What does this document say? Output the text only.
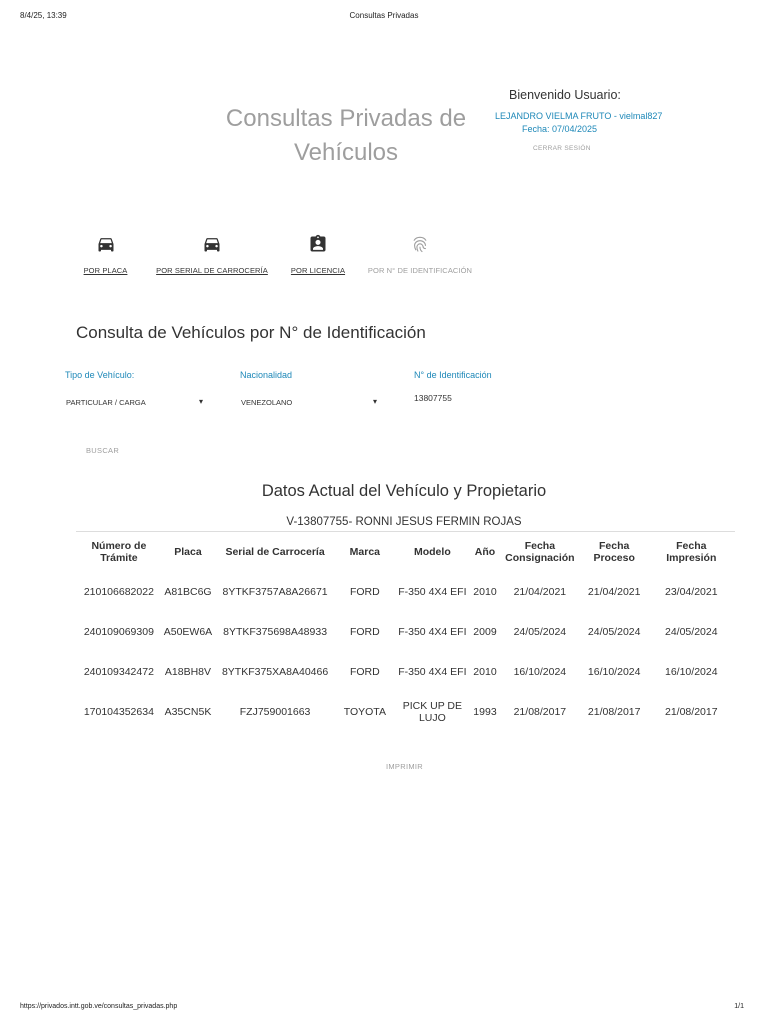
8/4/25, 13:39	Consultas Privadas
Consultas Privadas de Vehículos
Bienvenido Usuario:
LEJANDRO VIELMA FRUTO - vielmal827
Fecha: 07/04/2025
CERRAR SESIÓN
POR PLACA	POR SERIAL DE CARROCERÍA	POR LICENCIA	POR N° DE IDENTIFICACIÓN
Consulta de Vehículos por N° de Identificación
Tipo de Vehículo:
PARTICULAR / CARGA	▾
Nacionalidad
VENEZOLANO	▾
N° de Identificación
13807755
BUSCAR
Datos Actual del Vehículo y Propietario
V-13807755- RONNI JESUS FERMIN ROJAS
Número de Trámite	Placa	Serial de Carrocería	Marca	Modelo	Año	Fecha Consignación	Fecha Proceso	Fecha Impresión
210106682022	A81BC6G	8YTKF3757A8A26671	FORD	F-350 4X4 EFI	2010	21/04/2021	21/04/2021	23/04/2021
240109069309	A50EW6A	8YTKF375698A48933	FORD	F-350 4X4 EFI	2009	24/05/2024	24/05/2024	24/05/2024
240109342472	A18BH8V	8YTKF375XA8A40466	FORD	F-350 4X4 EFI	2010	16/10/2024	16/10/2024	16/10/2024
170104352634	A35CN5K	FZJ759001663	TOYOTA	PICK UP DE LUJO	1993	21/08/2017	21/08/2017	21/08/2017
IMPRIMIR
https://privados.intt.gob.ve/consultas_privadas.php	1/1
